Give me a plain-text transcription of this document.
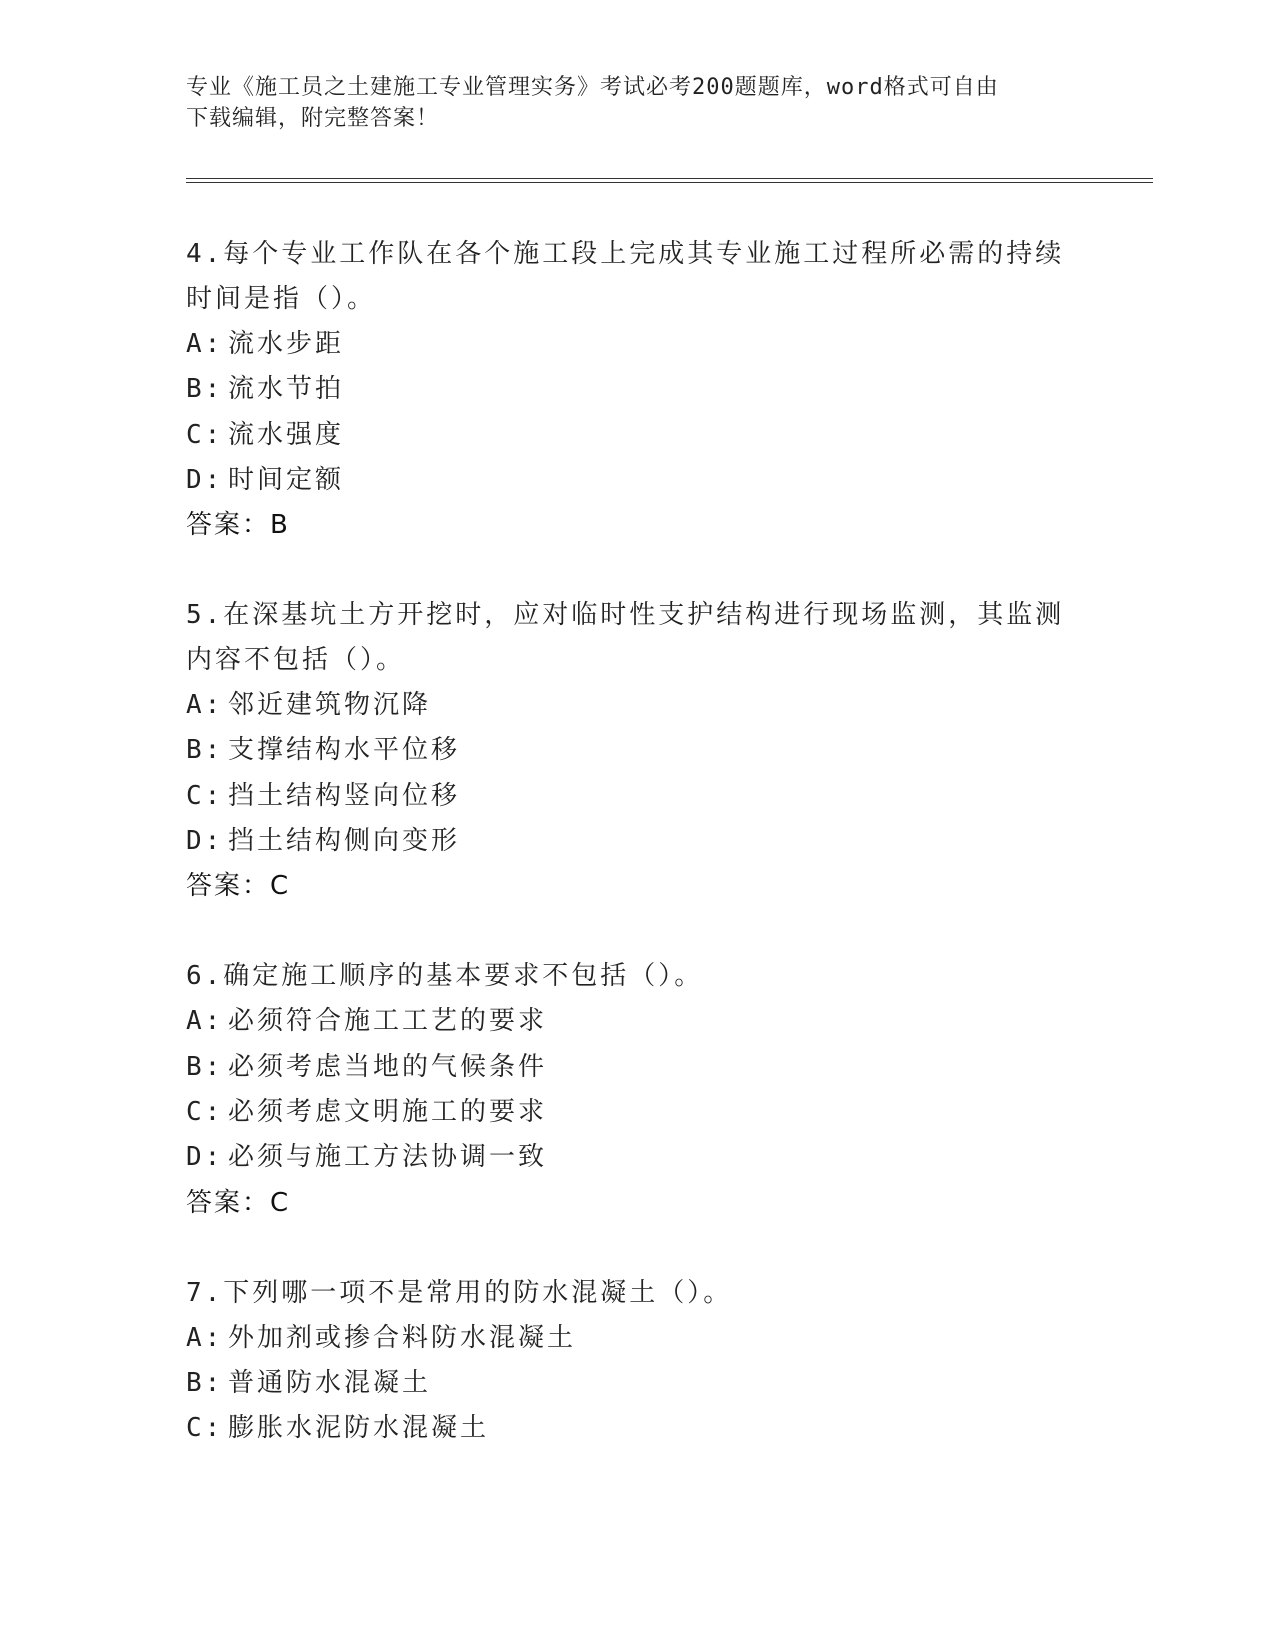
专业《施工员之土建施工专业管理实务》考试必考200题题库，word格式可自由
下载编辑，附完整答案！

4.每个专业工作队在各个施工段上完成其专业施工过程所必需的持续

时间是指（）。

A: 流水步距

B: 流水节拍

C: 流水强度

D: 时间定额

答案：B

5.在深基坑土方开挖时，应对临时性支护结构进行现场监测，其监测

内容不包括（）。

A: 邻近建筑物沉降

B: 支撑结构水平位移

C: 挡土结构竖向位移

D: 挡土结构侧向变形

答案：C

6.确定施工顺序的基本要求不包括（）。

A: 必须符合施工工艺的要求

B: 必须考虑当地的气候条件

C: 必须考虑文明施工的要求

D: 必须与施工方法协调一致

答案：C

7.下列哪一项不是常用的防水混凝土（）。

A: 外加剂或掺合料防水混凝土

B: 普通防水混凝土

C: 膨胀水泥防水混凝土
